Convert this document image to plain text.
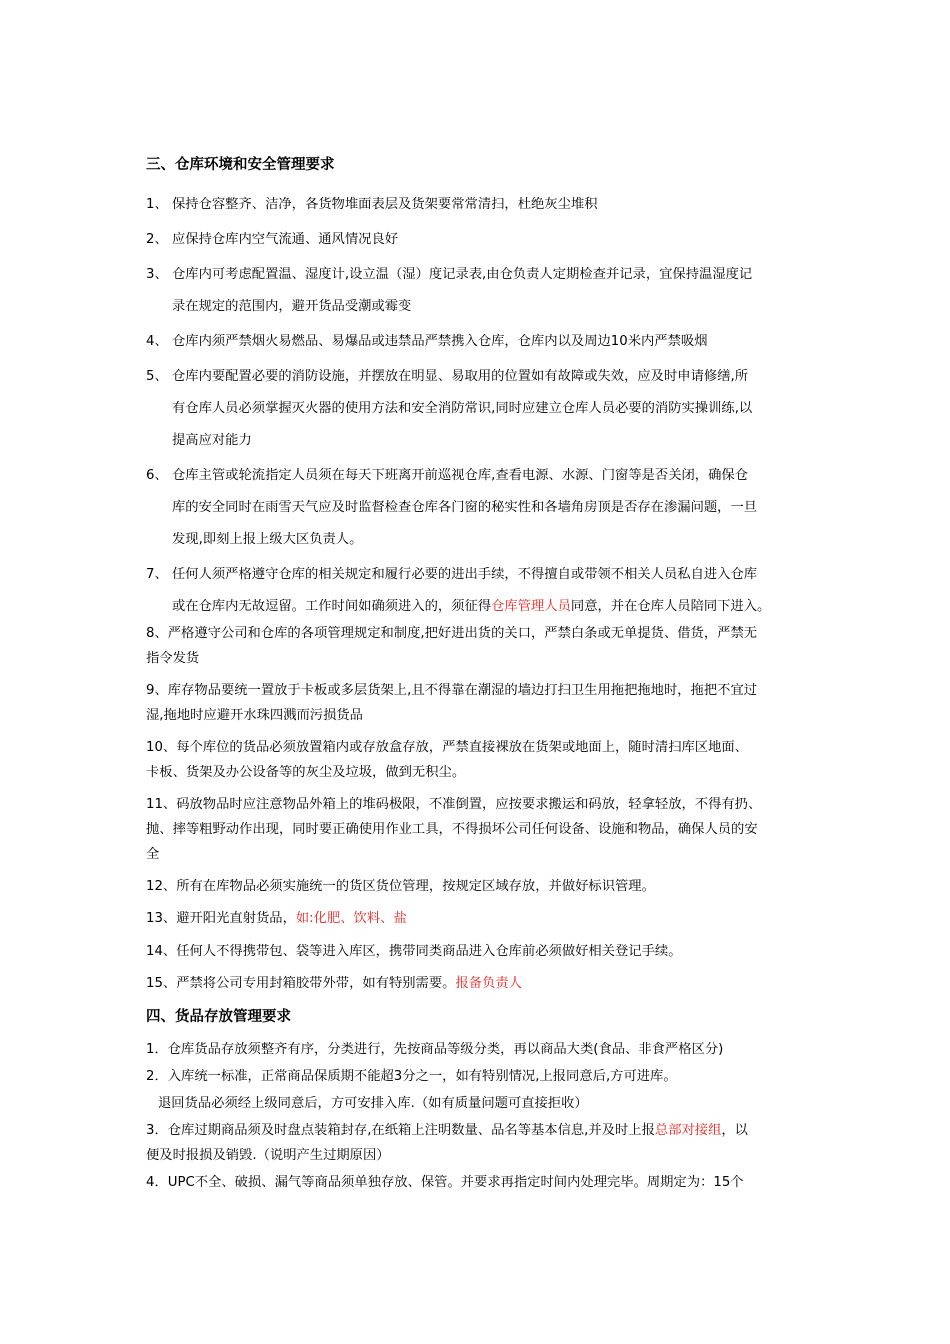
三、仓库环境和安全管理要求
1、 保持仓容整齐、洁净，各货物堆面表层及货架要常常清扫，杜绝灰尘堆积
2、 应保持仓库内空气流通、通风情况良好
3、 仓库内可考虑配置温、湿度计,设立温（湿）度记录表,由仓负责人定期检查并记录，宜保持温湿度记
录在规定的范围内，避开货品受潮或霉变
4、 仓库内须严禁烟火易燃品、易爆品或违禁品严禁携入仓库，仓库内以及周边10米内严禁吸烟
5、 仓库内要配置必要的消防设施，并摆放在明显、易取用的位置如有故障或失效，应及时申请修缮,所
有仓库人员必须掌握灭火器的使用方法和安全消防常识,同时应建立仓库人员必要的消防实操训练,以
提高应对能力
6、 仓库主管或轮流指定人员须在每天下班离开前巡视仓库,查看电源、水源、门窗等是否关闭，确保仓
库的安全同时在雨雪天气应及时监督检查仓库各门窗的秘实性和各墙角房顶是否存在渗漏问题，一旦
发现,即刻上报上级大区负责人。
7、 任何人须严格遵守仓库的相关规定和履行必要的进出手续，不得擅自或带领不相关人员私自进入仓库
或在仓库内无故逗留。工作时间如确须进入的，须征得仓库管理人员同意，并在仓库人员陪同下进入。
8、严格遵守公司和仓库的各项管理规定和制度,把好进出货的关口，严禁白条或无单提货、借货，严禁无
指令发货
9、库存物品要统一置放于卡板或多层货架上,且不得靠在潮湿的墙边打扫卫生用拖把拖地时，拖把不宜过
湿,拖地时应避开水珠四溅而污损货品
10、每个库位的货品必须放置箱内或存放盒存放，严禁直接裸放在货架或地面上，随时清扫库区地面、
卡板、货架及办公设备等的灰尘及垃圾，做到无积尘。
11、码放物品时应注意物品外箱上的堆码极限，不准倒置，应按要求搬运和码放，轻拿轻放，不得有扔、
抛、摔等粗野动作出现，同时要正确使用作业工具，不得损坏公司任何设备、设施和物品，确保人员的安
全
12、所有在库物品必须实施统一的货区货位管理，按规定区域存放，并做好标识管理。
13、避开阳光直射货品，如:化肥、饮料、盐
14、任何人不得携带包、袋等进入库区，携带同类商品进入仓库前必须做好相关登记手续。
15、严禁将公司专用封箱胶带外带，如有特别需要。报备负责人
四、货品存放管理要求
1．仓库货品存放须整齐有序，分类进行，先按商品等级分类，再以商品大类(食品、非食严格区分)
2．入库统一标准，正常商品保质期不能超3分之一，如有特别情况,上报同意后,方可进库。
退回货品必须经上级同意后，方可安排入库.（如有质量问题可直接拒收）
3．仓库过期商品须及时盘点装箱封存,在纸箱上注明数量、品名等基本信息,并及时上报总部对接组，以
便及时报损及销毁.（说明产生过期原因）
4．UPC不全、破损、漏气等商品须单独存放、保管。并要求再指定时间内处理完毕。周期定为：15个
